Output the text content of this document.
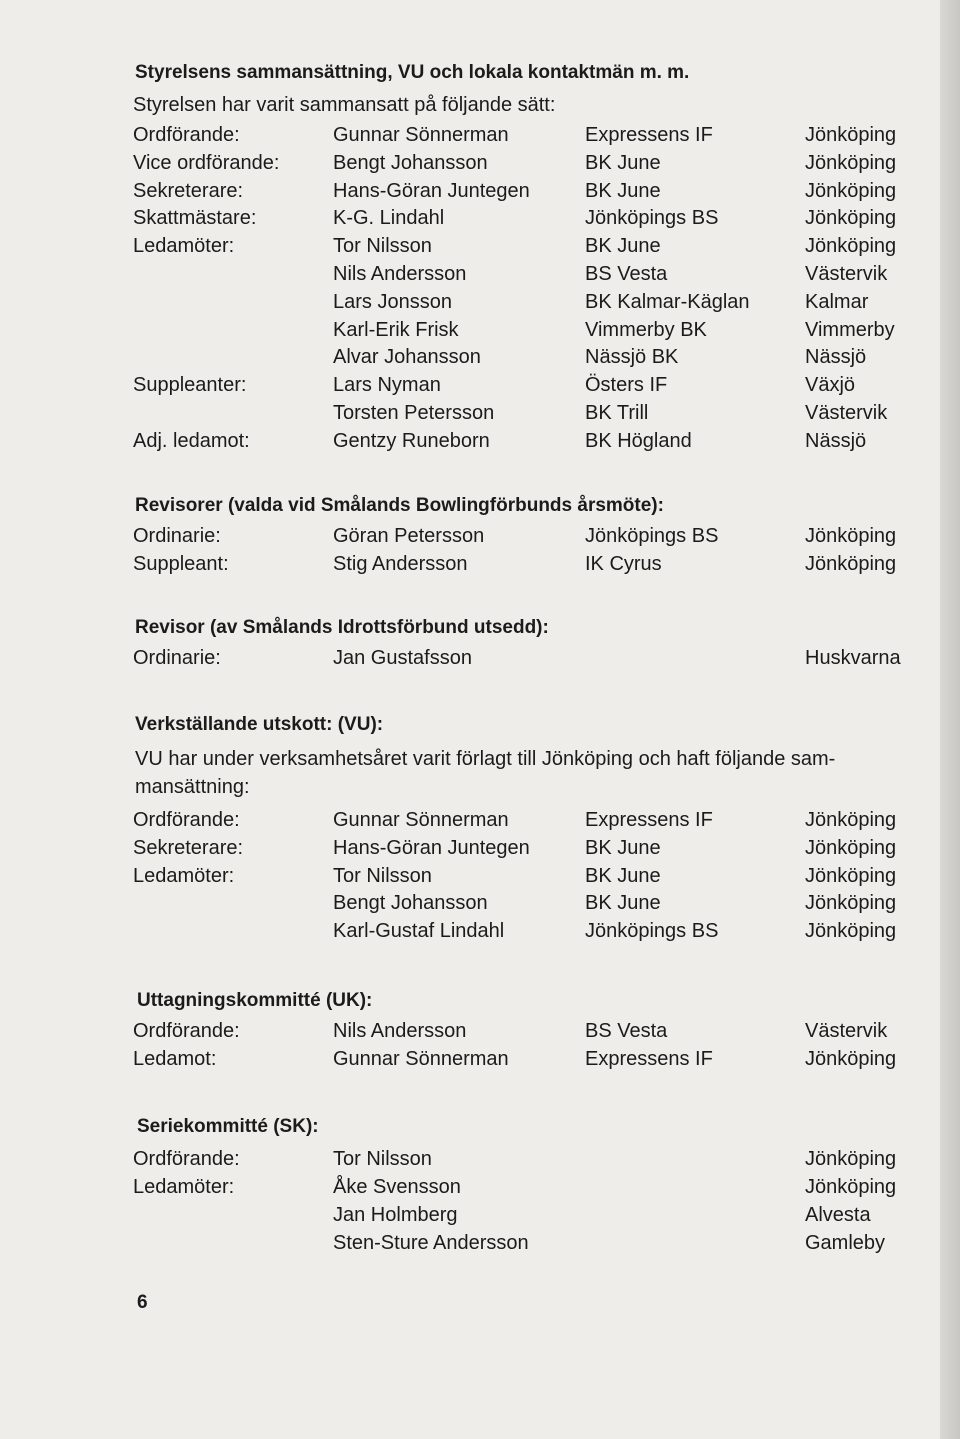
Styrelsens sammansättning, VU och lokala kontaktmän m. m.
Styrelsen har varit sammansatt på följande sätt:
Ordförande:	Gunnar Sönnerman	Expressens IF	Jönköping
Vice ordförande:	Bengt Johansson	BK June	Jönköping
Sekreterare:	Hans-Göran Juntegen	BK June	Jönköping
Skattmästare:	K-G. Lindahl	Jönköpings BS	Jönköping
Ledamöter:	Tor Nilsson	BK June	Jönköping
Nils Andersson	BS Vesta	Västervik
Lars Jonsson	BK Kalmar-Käglan	Kalmar
Karl-Erik Frisk	Vimmerby BK	Vimmerby
Alvar Johansson	Nässjö BK	Nässjö
Suppleanter:	Lars Nyman	Östers IF	Växjö
Torsten Petersson	BK Trill	Västervik
Adj. ledamot:	Gentzy Runeborn	BK Högland	Nässjö
Revisorer (valda vid Smålands Bowlingförbunds årsmöte):
Ordinarie:	Göran Petersson	Jönköpings BS	Jönköping
Suppleant:	Stig Andersson	IK Cyrus	Jönköping
Revisor (av Smålands Idrottsförbund utsedd):
Ordinarie:	Jan Gustafsson	Huskvarna
Verkställande utskott: (VU):
VU har under verksamhetsåret varit förlagt till Jönköping och haft följande sam-
mansättning:
Ordförande:	Gunnar Sönnerman	Expressens IF	Jönköping
Sekreterare:	Hans-Göran Juntegen	BK June	Jönköping
Ledamöter:	Tor Nilsson	BK June	Jönköping
Bengt Johansson	BK June	Jönköping
Karl-Gustaf Lindahl	Jönköpings BS	Jönköping
Uttagningskommitté (UK):
Ordförande:	Nils Andersson	BS Vesta	Västervik
Ledamot:	Gunnar Sönnerman	Expressens IF	Jönköping
Seriekommitté (SK):
Ordförande:	Tor Nilsson	Jönköping
Ledamöter:	Åke Svensson	Jönköping
Jan Holmberg	Alvesta
Sten-Sture Andersson	Gamleby
6
